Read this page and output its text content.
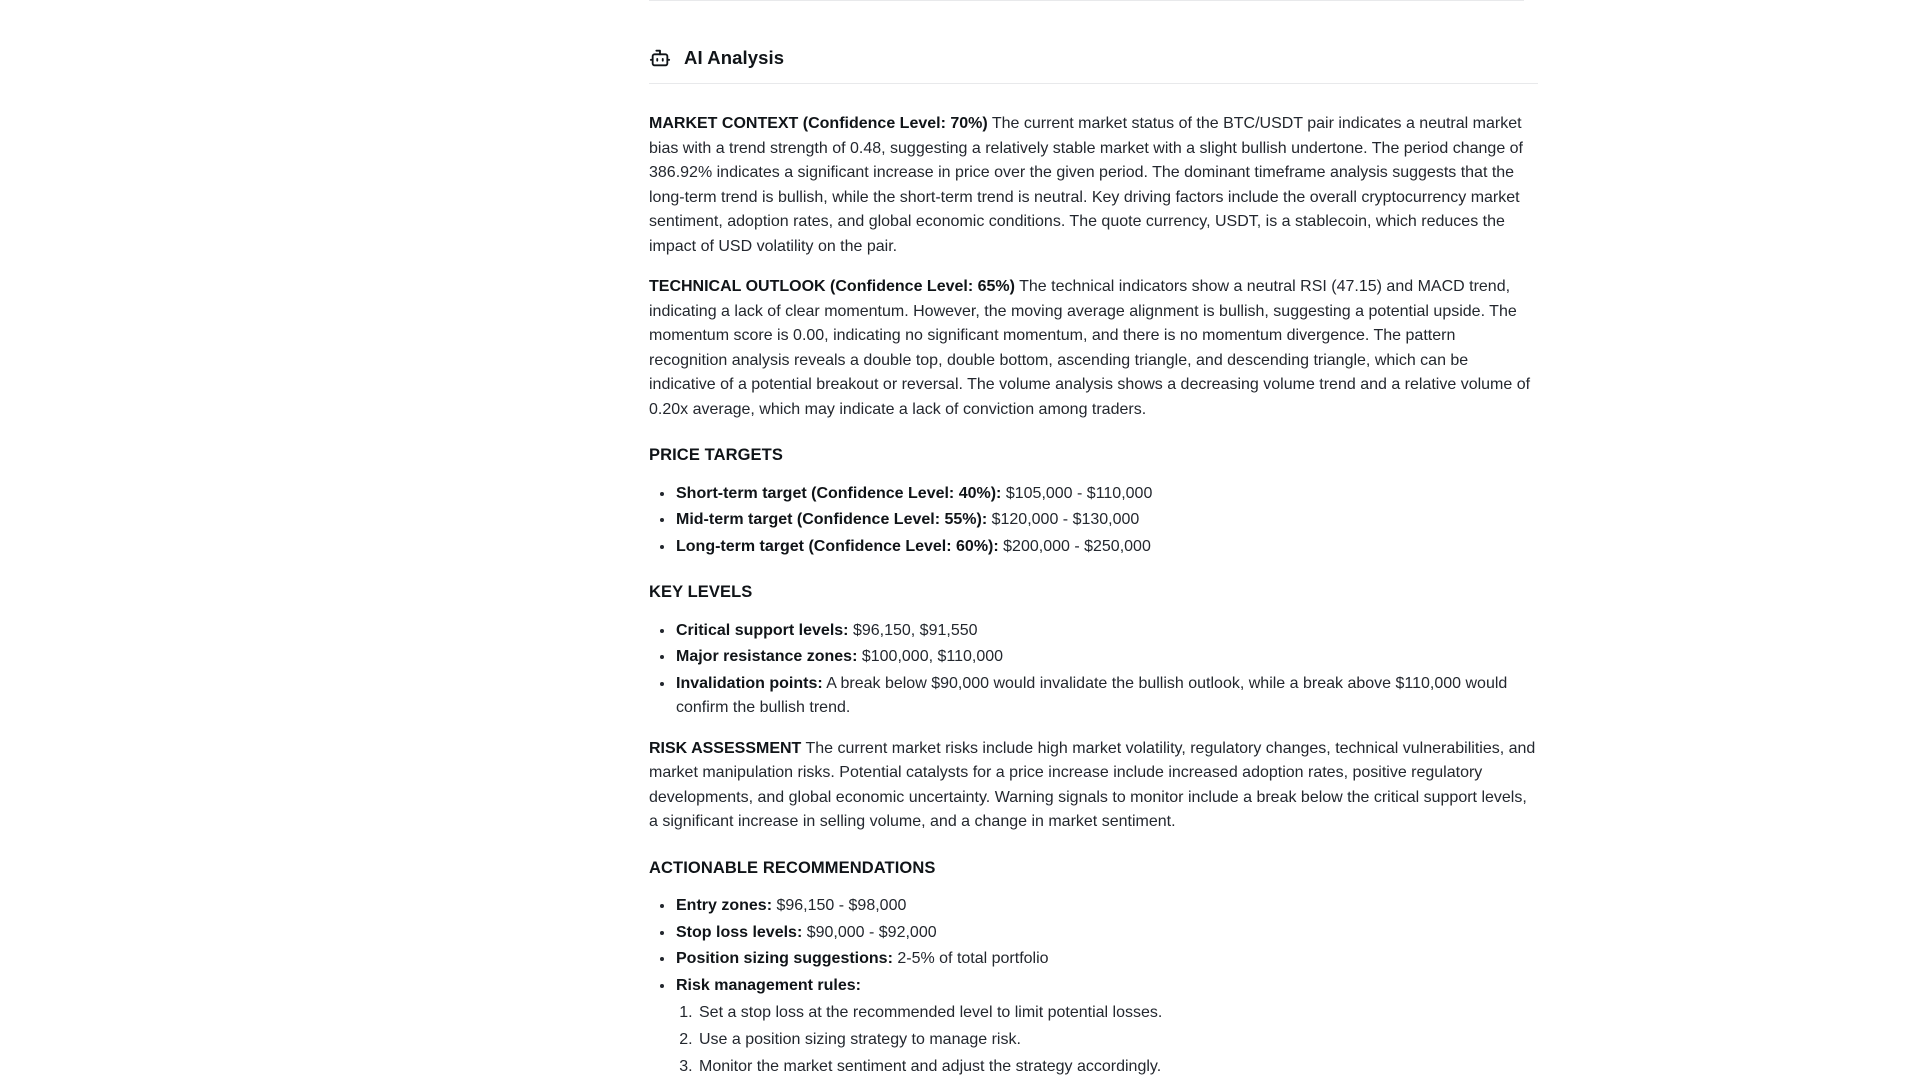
AI Analysis

MARKET CONTEXT (Confidence Level: 70%) The current market status of the BTC/USDT pair indicates a neutral market bias with a trend strength of 0.48, suggesting a relatively stable market with a slight bullish undertone. The period change of 386.92% indicates a significant increase in price over the given period. The dominant timeframe analysis suggests that the long-term trend is bullish, while the short-term trend is neutral. Key driving factors include the overall cryptocurrency market sentiment, adoption rates, and global economic conditions. The quote currency, USDT, is a stablecoin, which reduces the impact of USD volatility on the pair.

TECHNICAL OUTLOOK (Confidence Level: 65%) The technical indicators show a neutral RSI (47.15) and MACD trend, indicating a lack of clear momentum. However, the moving average alignment is bullish, suggesting a potential upside. The momentum score is 0.00, indicating no significant momentum, and there is no momentum divergence. The pattern recognition analysis reveals a double top, double bottom, ascending triangle, and descending triangle, which can be indicative of a potential breakout or reversal. The volume analysis shows a decreasing volume trend and a relative volume of 0.20x average, which may indicate a lack of conviction among traders.

PRICE TARGETS
• Short-term target (Confidence Level: 40%): $105,000 - $110,000
• Mid-term target (Confidence Level: 55%): $120,000 - $130,000
• Long-term target (Confidence Level: 60%): $200,000 - $250,000
KEY LEVELS
• Critical support levels: $96,150, $91,550
• Major resistance zones: $100,000, $110,000
• Invalidation points: A break below $90,000 would invalidate the bullish outlook, while a break above $110,000 would confirm the bullish trend.

RISK ASSESSMENT The current market risks include high market volatility, regulatory changes, technical vulnerabilities, and market manipulation risks. Potential catalysts for a price increase include increased adoption rates, positive regulatory developments, and global economic uncertainty. Warning signals to monitor include a break below the critical support levels, a significant increase in selling volume, and a change in market sentiment.

ACTIONABLE RECOMMENDATIONS
• Entry zones: $96,150 - $98,000
• Stop loss levels: $90,000 - $92,000
• Position sizing suggestions: 2-5% of total portfolio
• Risk management rules:
1. Set a stop loss at the recommended level to limit potential losses.
2. Use a position sizing strategy to manage risk.
3. Monitor the market sentiment and adjust the strategy accordingly.
